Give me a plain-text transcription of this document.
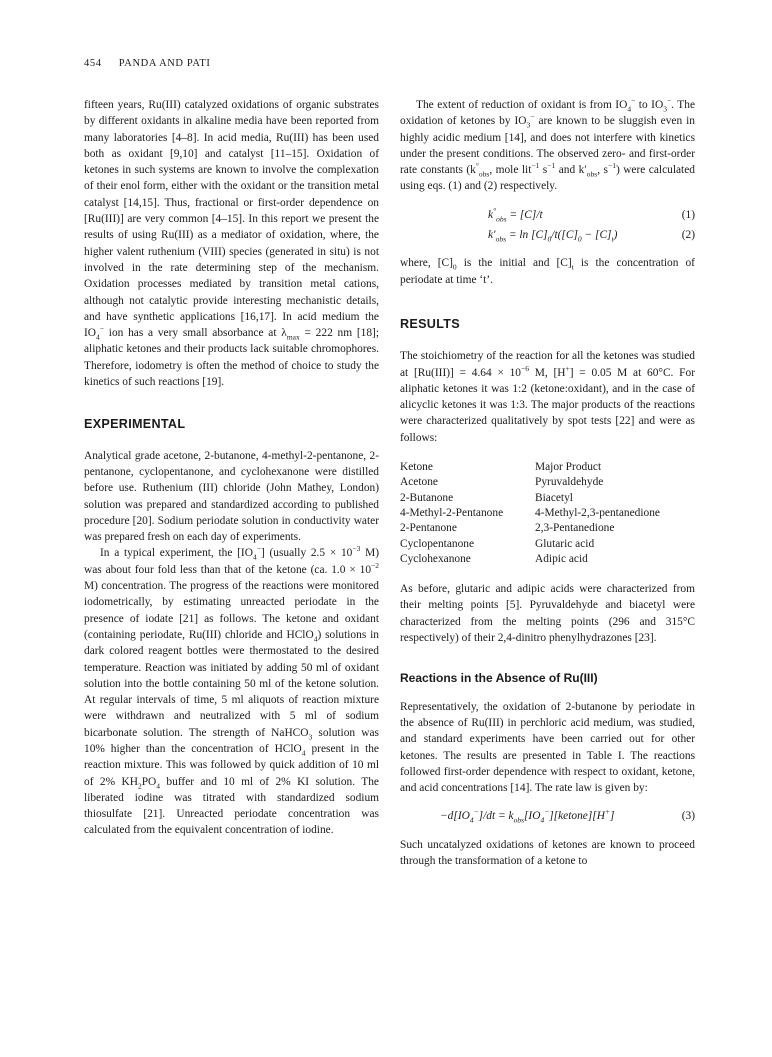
454 PANDA AND PATI

fifteen years, Ru(III) catalyzed oxidations of organic substrates by different oxidants in alkaline media have been reported from many laboratories [4–8]. In acid media, Ru(III) has been used both as oxidant [9,10] and catalyst [11–15]. Oxidation of ketones in such systems are known to involve the complexation of their enol form, either with the oxidant or the transition metal catalyst [14,15]. Thus, fractional or first-order dependence on [Ru(III)] are very common [4–15]. In this report we present the results of using Ru(III) as a mediator of oxidation, where, the higher valent ruthenium (VIII) species (generated in situ) is not involved in the rate determining step of the mechanism. Oxidation processes mediated by transition metal cations, although not catalytic provide interesting mechanistic details, and have synthetic applications [16,17]. In acid medium the $IO_4^-$ ion has a very small absorbance at $\lambda_{max} = 222$ nm [18]; aliphatic ketones and their products lack suitable chromophores. Therefore, iodometry is often the method of choice to study the kinetics of such reactions [19].

EXPERIMENTAL

Analytical grade acetone, 2-butanone, 4-methyl-2-pentanone, 2-pentanone, cyclopentanone, and cyclohexanone were distilled before use. Ruthenium (III) chloride (John Mathey, London) solution was prepared and standardized according to published procedure [20]. Sodium periodate solution in conductivity water was prepared fresh on each day of experiments.

In a typical experiment, the $[IO_4^-]$ (usually $2.5 \times 10^{-3}$ M) was about four fold less than that of the ketone (ca. $1.0 \times 10^{-2}$ M) concentration. The progress of the reactions were monitored iodometrically, by estimating unreacted periodate in the presence of iodate [21] as follows. The ketone and oxidant (containing periodate, Ru(III) chloride and HClO$_4$) solutions in dark colored reagent bottles were thermostated to the desired temperature. Reaction was initiated by adding 50 ml of oxidant solution into the bottle containing 50 ml of the ketone solution. At regular intervals of time, 5 ml aliquots of reaction mixture were withdrawn and neutralized with 5 ml of sodium bicarbonate solution. The strength of NaHCO$_3$ solution was 10% higher than the concentration of HClO$_4$ present in the reaction mixture. This was followed by quick addition of 10 ml of 2% $KH_2PO_4$ buffer and 10 ml of 2% KI solution. The liberated iodine was titrated with standardized sodium thiosulfate [21]. Unreacted periodate concentration was calculated from the equivalent concentration of iodine.

The extent of reduction of oxidant is from $IO_4^-$ to $IO_3^-$. The oxidation of ketones by $IO_3^-$ are known to be sluggish even in highly acidic medium [14], and does not interfere with kinetics under the present conditions. The observed zero- and first-order rate constants ($k^\circ_{obs}$, mole lit$^{-1}$ $s^{-1}$ and $k'_{obs}$, $s^{-1}$) were calculated using eqs. (1) and (2) respectively.

$k^\circ_{obs} = [C]/t$	(1)
$k'_{obs} = \ln [C]_0/t([C]_0 - [C]_t)$	(2)

where, $[C]_0$ is the initial and $[C]_t$ is the concentration of periodate at time ‘t’.

RESULTS

The stoichiometry of the reaction for all the ketones was studied at $[Ru(III)] = 4.64 \times 10^{-6}$ M, [H+] = 0.05 M at 60°C. For aliphatic ketones it was 1:2 (ketone:oxidant), and in the case of alicyclic ketones it was 1:3. The major products of the reactions were characterized qualitatively by spot tests [22] and were as follows:

Ketone	Major Product
Acetone	Pyruvaldehyde
2-Butanone	Biacetyl
4-Methyl-2-Pentanone	4-Methyl-2,3-pentanedione
2-Pentanone	2,3-Pentanedione
Cyclopentanone	Glutaric acid
Cyclohexanone	Adipic acid

As before, glutaric and adipic acids were characterized from their melting points [5]. Pyruvaldehyde and biacetyl were characterized from the melting points (296 and 315°C respectively) of their 2,4-dinitro phenylhydrazones [23].

Reactions in the Absence of Ru(III)

Representatively, the oxidation of 2-butanone by periodate in the absence of Ru(III) in perchloric acid medium, was studied, and standard experiments have been carried out for other ketones. The results are presented in Table I. The reactions followed first-order dependence with respect to oxidant, ketone, and acid concentrations [14]. The rate law is given by:

$-d[IO_4^-]/dt$ = $k_{obs}[IO_4^-][ketone][H^+]$	(3)

Such uncatalyzed oxidations of ketones are known to proceed through the transformation of a ketone to
